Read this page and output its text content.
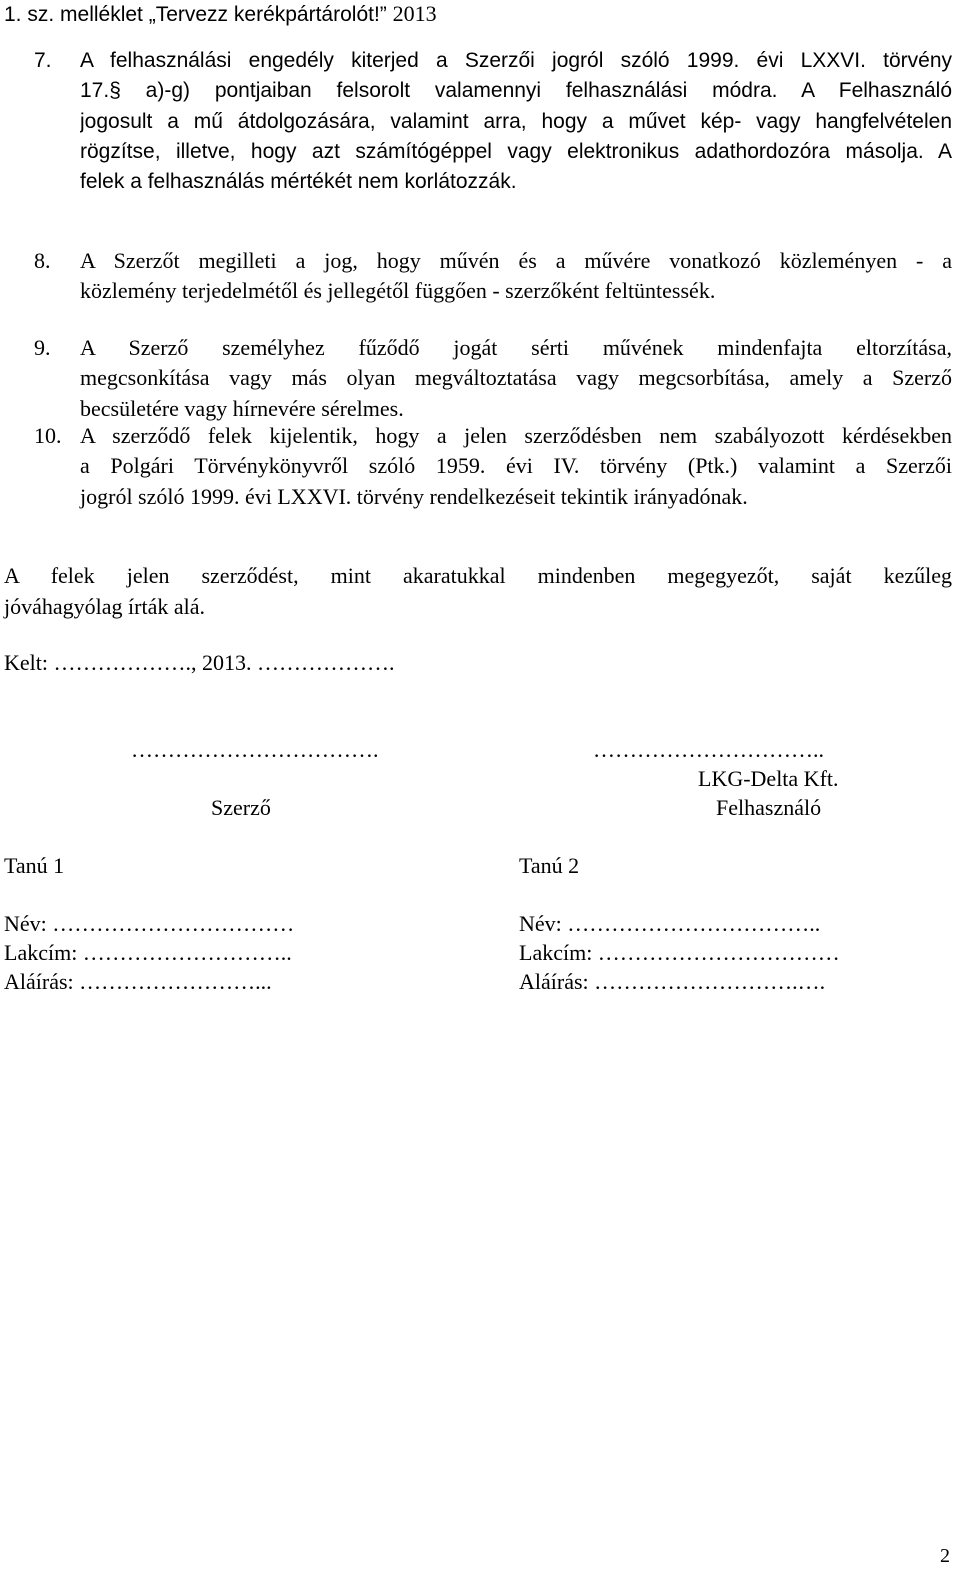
1. sz. melléklet „Tervezz kerékpártárolót!” 2013
7. A felhasználási engedély kiterjed a Szerzői jogról szóló 1999. évi LXXVI. törvény
17.§ a)-g) pontjaiban felsorolt valamennyi felhasználási módra. A Felhasználó
jogosult a mű átdolgozására, valamint arra, hogy a művet kép- vagy hangfelvételen
rögzítse, illetve, hogy azt számítógéppel vagy elektronikus adathordozóra másolja. A
felek a felhasználás mértékét nem korlátozzák.
8. A Szerzőt megilleti a jog, hogy művén és a művére vonatkozó közleményen - a
közlemény terjedelmétől és jellegétől függően - szerzőként feltüntessék.
9. A Szerző személyhez fűződő jogát sérti művének mindenfajta eltorzítása,
megcsonkítása vagy más olyan megváltoztatása vagy megcsorbítása, amely a Szerző
becsületére vagy hírnevére sérelmes.
10. A szerződő felek kijelentik, hogy a jelen szerződésben nem szabályozott kérdésekben
a Polgári Törvénykönyvről szóló 1959. évi IV. törvény (Ptk.) valamint a Szerzői
jogról szóló 1999. évi LXXVI. törvény rendelkezéseit tekintik irányadónak.
A felek jelen szerződést, mint akaratukkal mindenben megegyezőt, saját kezűleg
jóváhagyólag írták alá.
Kelt: ………………., 2013. ……………….
…………………………….
Szerző
…………………………..
LKG-Delta Kft.
Felhasználó
Tanú 1	Tanú 2
Név: ……………………………
Lakcím: ………………………..
Aláírás: ……………………...
Név: ……………………………..
Lakcím: ……………………………
Aláírás: ……………………….….
2
